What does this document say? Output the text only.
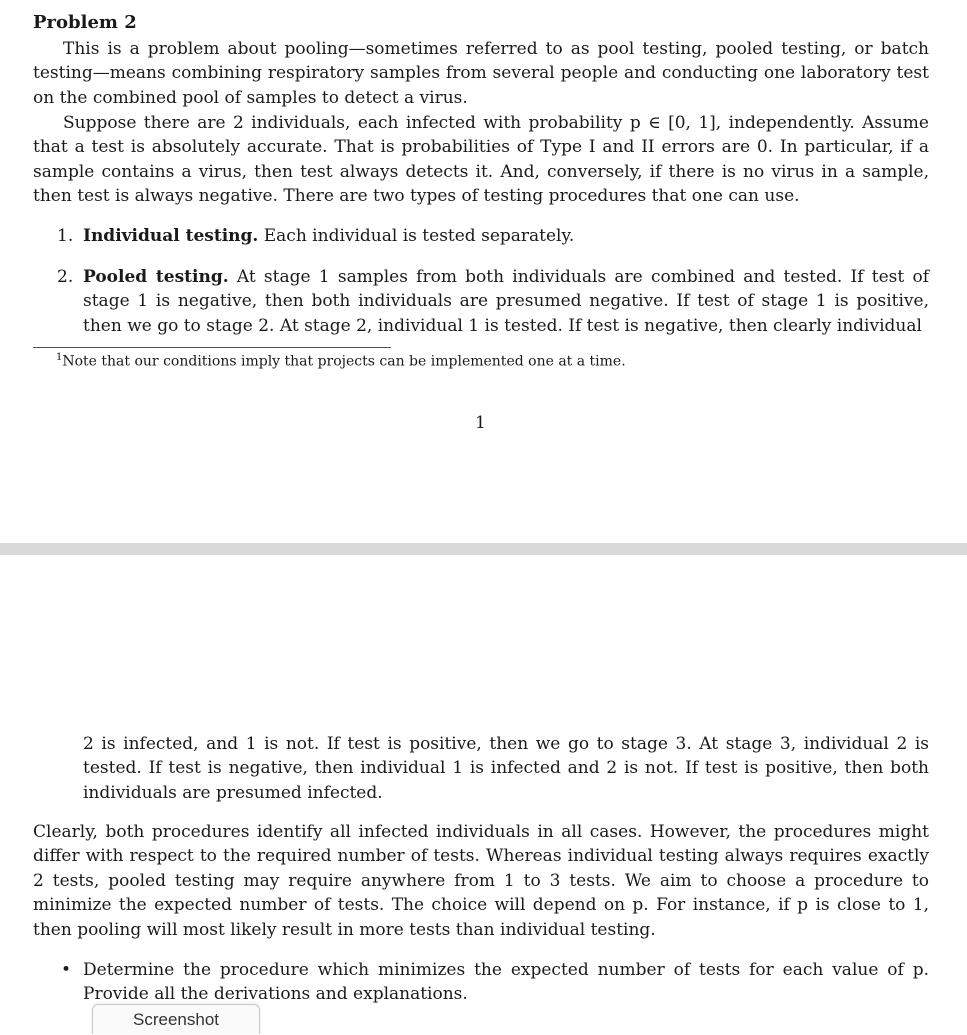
Problem 2

This is a problem about pooling—sometimes referred to as pool testing, pooled testing, or batch testing—means combining respiratory samples from several people and conducting one laboratory test on the combined pool of samples to detect a virus.

Suppose there are 2 individuals, each infected with probability p ∈ [0, 1], independently. Assume that a test is absolutely accurate. That is probabilities of Type I and II errors are 0. In particular, if a sample contains a virus, then test always detects it. And, conversely, if there is no virus in a sample, then test is always negative. There are two types of testing procedures that one can use.

1. Individual testing. Each individual is tested separately.
2. Pooled testing. At stage 1 samples from both individuals are combined and tested. If test of stage 1 is negative, then both individuals are presumed negative. If test of stage 1 is positive, then we go to stage 2. At stage 2, individual 1 is tested. If test is negative, then clearly individual
$^1$Note that our conditions imply that projects can be implemented one at a time.
1
2 is infected, and 1 is not. If test is positive, then we go to stage 3. At stage 3, individual 2 is tested. If test is negative, then individual 1 is infected and 2 is not. If test is positive, then both individuals are presumed infected.

Clearly, both procedures identify all infected individuals in all cases. However, the procedures might differ with respect to the required number of tests. Whereas individual testing always requires exactly 2 tests, pooled testing may require anywhere from 1 to 3 tests. We aim to choose a procedure to minimize the expected number of tests. The choice will depend on p. For instance, if p is close to 1, then pooling will most likely result in more tests than individual testing.

• Determine the procedure which minimizes the expected number of tests for each value of p. Provide all the derivations and explanations.
Screenshot
